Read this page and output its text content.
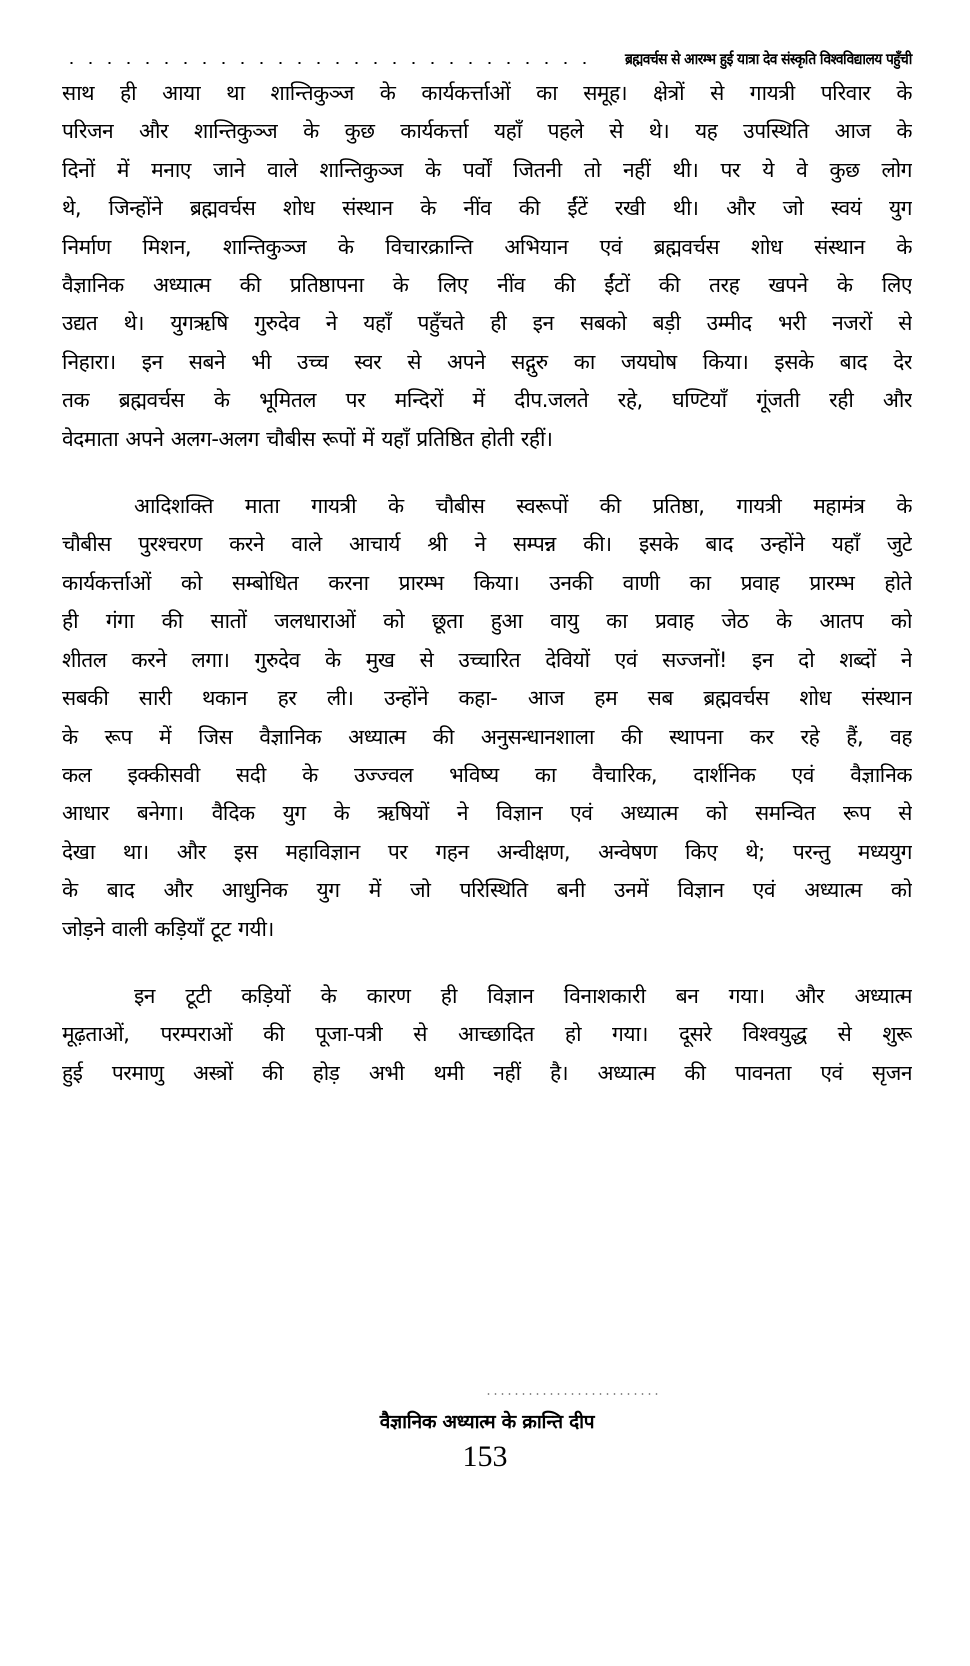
ब्रह्मवर्चस से आरम्भ हुई यात्रा देव संस्कृति विश्वविद्यालय पहुँची

साथ ही आया था शान्तिकुञ्ज के कार्यकर्त्ताओं का समूह। क्षेत्रों से गायत्री परिवार के
परिजन और शान्तिकुञ्ज के कुछ कार्यकर्त्ता यहाँ पहले से थे। यह उपस्थिति आज के
दिनों में मनाए जाने वाले शान्तिकुञ्ज के पर्वों जितनी तो नहीं थी। पर ये वे कुछ लोग
थे, जिन्होंने ब्रह्मवर्चस शोध संस्थान के नींव की ईंटें रखी थी। और जो स्वयं युग
निर्माण मिशन, शान्तिकुञ्ज के विचारक्रान्ति अभियान एवं ब्रह्मवर्चस शोध संस्थान के
वैज्ञानिक अध्यात्म की प्रतिष्ठापना के लिए नींव की ईंटों की तरह खपने के लिए
उद्यत थे। युगऋषि गुरुदेव ने यहाँ पहुँचते ही इन सबको बड़ी उम्मीद भरी नजरों से
निहारा। इन सबने भी उच्च स्वर से अपने सद्गुरु का जयघोष किया। इसके बाद देर
तक ब्रह्मवर्चस के भूमितल पर मन्दिरों में दीप.जलते रहे, घण्टियाँ गूंजती रही और
वेदमाता अपने अलग-अलग चौबीस रूपों में यहाँ प्रतिष्ठित होती रहीं।

आदिशक्ति माता गायत्री के चौबीस स्वरूपों की प्रतिष्ठा, गायत्री महामंत्र के
चौबीस पुरश्चरण करने वाले आचार्य श्री ने सम्पन्न की। इसके बाद उन्होंने यहाँ जुटे
कार्यकर्त्ताओं को सम्बोधित करना प्रारम्भ किया। उनकी वाणी का प्रवाह प्रारम्भ होते
ही गंगा की सातों जलधाराओं को छूता हुआ वायु का प्रवाह जेठ के आतप को
शीतल करने लगा। गुरुदेव के मुख से उच्चारित देवियों एवं सज्जनों! इन दो शब्दों ने
सबकी सारी थकान हर ली। उन्होंने कहा- आज हम सब ब्रह्मवर्चस शोध संस्थान
के रूप में जिस वैज्ञानिक अध्यात्म की अनुसन्धानशाला की स्थापना कर रहे हैं, वह
कल इक्कीसवी सदी के उज्ज्वल भविष्य का वैचारिक, दार्शनिक एवं वैज्ञानिक
आधार बनेगा। वैदिक युग के ऋषियों ने विज्ञान एवं अध्यात्म को समन्वित रूप से
देखा था। और इस महाविज्ञान पर गहन अन्वीक्षण, अन्वेषण किए थे; परन्तु मध्ययुग
के बाद और आधुनिक युग में जो परिस्थिति बनी उनमें विज्ञान एवं अध्यात्म को
जोड़ने वाली कड़ियाँ टूट गयी।

इन टूटी कड़ियों के कारण ही विज्ञान विनाशकारी बन गया। और अध्यात्म
मूढ़ताओं, परम्पराओं की पूजा-पत्री से आच्छादित हो गया। दूसरे विश्वयुद्ध से शुरू
हुई परमाणु अस्त्रों की होड़ अभी थमी नहीं है। अध्यात्म की पावनता एवं सृजन

वैज्ञानिक अध्यात्म के क्रान्ति दीप
153
